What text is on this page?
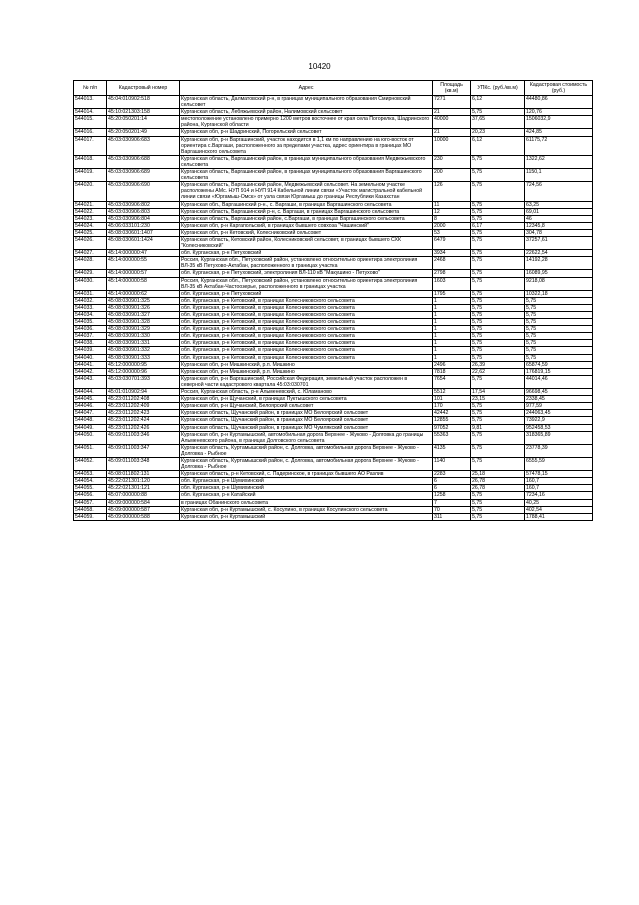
10420
№ п/п	Кадастровый номер	Адрес	Площадь (кв.м)	УПКс. (руб./кв.м)	Кадастровая стоимость (руб.)
544013.	45:04:010902:518	Курганская область, Далматовский р-н, в границах муниципального образования Смирновский сельсовет	7271	6,12	44480,86
544014.	45:10:021303:158	Курганская область, Лебяжьевский район, Налимовский сельсовет	21	5,75	120,76
544015.	45:20:050201:14	местоположение установлено примерно 1200 метров восточнее от края села Погорелка, Шадринского района, Курганской области	40000	37,65	1506032,9
544016.	45:20:050201:49	Курганская обл, р-н Шадринский, Погорельский сельсовет	21	20,23	424,85
544017.	45:03:030906:683	Курганская обл, р-н Варгашинский, участок находится в 1,1 км по направлению на юго-восток от ориентира с.Варгаши, расположенного за пределами участка, адрес ориентира в границах МО Варгашинского сельсовета	10000	6,12	61175,72
544018.	45:03:030906:688	Курганская область, Варгашинский район, в границах муниципального образования Медвежьевского сельсовета	230	5,75	1322,62
544019.	45:03:030906:689	Курганская область, Варгашинский район, в границах муниципального образования Варгашинского сельсовета	200	5,75	1150,1
544020.	45:03:030906:690	Курганская область, Варгашинский район, Медвежьевский сельсовет. На земельном участке расположены АМс. НУП 914 и НУП 914 Кабельной линии связи «Участок магистральной кабельной линии связи «Юргамыш-Омск» от узла связи Юргамыш до границы Республики Казахстан	126	5,75	724,56
544021.	45:03:030906:802	Курганская обл., Варгашинский р-н., с. Варгаши, в границах Варгашинского сельсовета	11	5,75	63,25
544022.	45:03:030906:803	Курганская область, Варгашинский р-н, с. Варгаши, в границах Варгашинского сельсовета	12	5,75	69,01
544023.	45:03:030906:804	Курганская область, Варгашинский район, с.Варгаши, в границах Варгашинского сельсовета	8	5,75	46
544024.	45:06:033101:230	Курганская обл, р-н Каргапольский, в границах бывшего совхоза "Чашинский"	2000	6,17	12345,8
544025.	45:08:030601:1407	Курганская обл, р-н Кетовский, Колесниковский сельсовет	53	5,75	304,78
544026.	45:08:030601:1424	Курганская область, Кетовский район, Колесниковский сельсовет, в границах бывшего СХК "Колесниковский"	6479	5,75	37257,61
544027.	45:14:000000:47	обл. Курганская, р-н Петуховский	3934	5,75	22622,54
544028.	45:14:000000:55	Россия, Курганская обл., Петуховский район, установлено относительно ориентира электролиния ВЛ-35 кВ Петухово-Актабан, расположенного в границах участка	2468	5,75	14192,28
544029.	45:14:000000:57	обл. Курганская, р-н Петуховский, электролиния ВЛ-110 кВ "Макушино - Петухово"	2798	5,75	16089,95
544030.	45:14:000000:58	Россия, Курганская обл., Петуховский район, установлено относительно ориентира электролиния ВЛ-35 кВ Актабан-Частоозерье, расположенного в границах участка	1603	5,75	9218,08
544031.	45:14:000000:62	обл. Курганская, р-н Петуховский	1795	5,75	10322,18
544032.	45:08:030901:325	обл. Курганская, р-н Кетовский, в границах Колесниковского сельсовета	1	5,75	5,75
544033.	45:08:030901:326	обл. Курганская, р-н Кетовский, в границах Колесниковского сельсовета	1	5,75	5,75
544034.	45:08:030901:327	обл. Курганская, р-н Кетовский, в границах Колесниковского сельсовета	1	5,75	5,75
544035.	45:08:030901:328	обл. Курганская, р-н Кетовский, в границах Колесниковского сельсовета	1	5,75	5,75
544036.	45:08:030901:329	обл. Курганская, р-н Кетовский, в границах Колесниковского сельсовета	1	5,75	5,75
544037.	45:08:030901:330	обл. Курганская, р-н Кетовский, в границах Колесниковского сельсовета	1	5,75	5,75
544038.	45:08:030901:331	обл. Курганская, р-н Кетовский, в границах Колесниковского сельсовета	1	5,75	5,75
544039.	45:08:030901:332	обл. Курганская, р-н Кетовский, в границах Колесниковского сельсовета	1	5,75	5,75
544040.	45:08:030901:333	обл. Курганская, р-н Кетовский, в границах Колесниковского сельсовета	1	5,75	5,75
544041.	45:12:000000:95	Курганская обл, р-н Мишкинский, р.п. Мишкино	2496	26,39	65874,59
544042.	45:12:000000:96	Курганская обл, р-н Мишкинский, р.п. Мишкино	7818	22,62	176819,15
544043.	45:03:030701:393	Курганская обл, р-н Варгашинский, Российская Федерация, земельный участок расположен в северной части кадастрового квартала 45:03:030701	7654	5,75	44014,46
544044.	45:01:010902:94	Россия, Курганская область, р-н Альменевский, с. Юламаново	5512	17,54	96698,45
544045.	45:23:011202:408	Курганская обл, р-н Щучанский, в границах Пуктышского сельсовета	101	23,15	2338,45
544046.	45:23:011202:409	Курганская обл, р-н Щучанский, Белоярский сельсовет	170	5,75	977,59
544047.	45:23:011202:423	Курганская область, Щучанский район, в границах МО Белоярский сельсовет	42442	5,75	244063,45
544048.	45:23:011202:424	Курганская область, Щучанский район, в границах МО Белоярский сельсовет	12855	5,75	73922,9
544049.	45:23:011202:426	Курганская область, Щучанский район, в границах МО Чумлякский сельсовет	97052	9,81	952458,53
544050.	45:09:011003:346	Курганская обл, р-н Куртамышский, автомобильная дорога Верхнее - Жуково - Долговка до границы Альменевского района, в границах Долговского сельсовета	55363	5,75	318365,89
544051.	45:09:011003:347	Курганская область, Куртамышский район, с. Долговка, автомобильная дорога Верхнее - Жуково - Долговка - Рыбное	4135	5,75	23778,39
544052.	45:09:011003:348	Курганская область, Куртамышский район, с. Долговка, автомобильная дорога Верхнее - Жуково - Долговка - Рыбное	1140	5,75	6555,59
544053.	45:08:011802:131	Курганская область, р-н Кетовский, с. Падеринское, в границах бывшего АО Разлив	2283	25,18	57478,15
544054.	45:22:021301:120	обл. Курганская, р-н Шумихинский	6	26,78	160,7
544055.	45:22:021301:121	обл. Курганская, р-н Шумихинский	6	26,78	160,7
544056.	45:07:000000:88	обл. Курганская, р-н Катайский	1258	5,75	7234,16
544057.	45:09:000000:584	в границах Обанинского сельсовета	7	5,75	40,25
544058.	45:09:000000:587	Курганская обл, р-н Куртамышский, с. Косулино, в границах Косулинского сельсовета	70	5,75	402,54
544059.	45:09:000000:588	Курганская обл, р-н Куртамышский	311	5,75	1788,41
